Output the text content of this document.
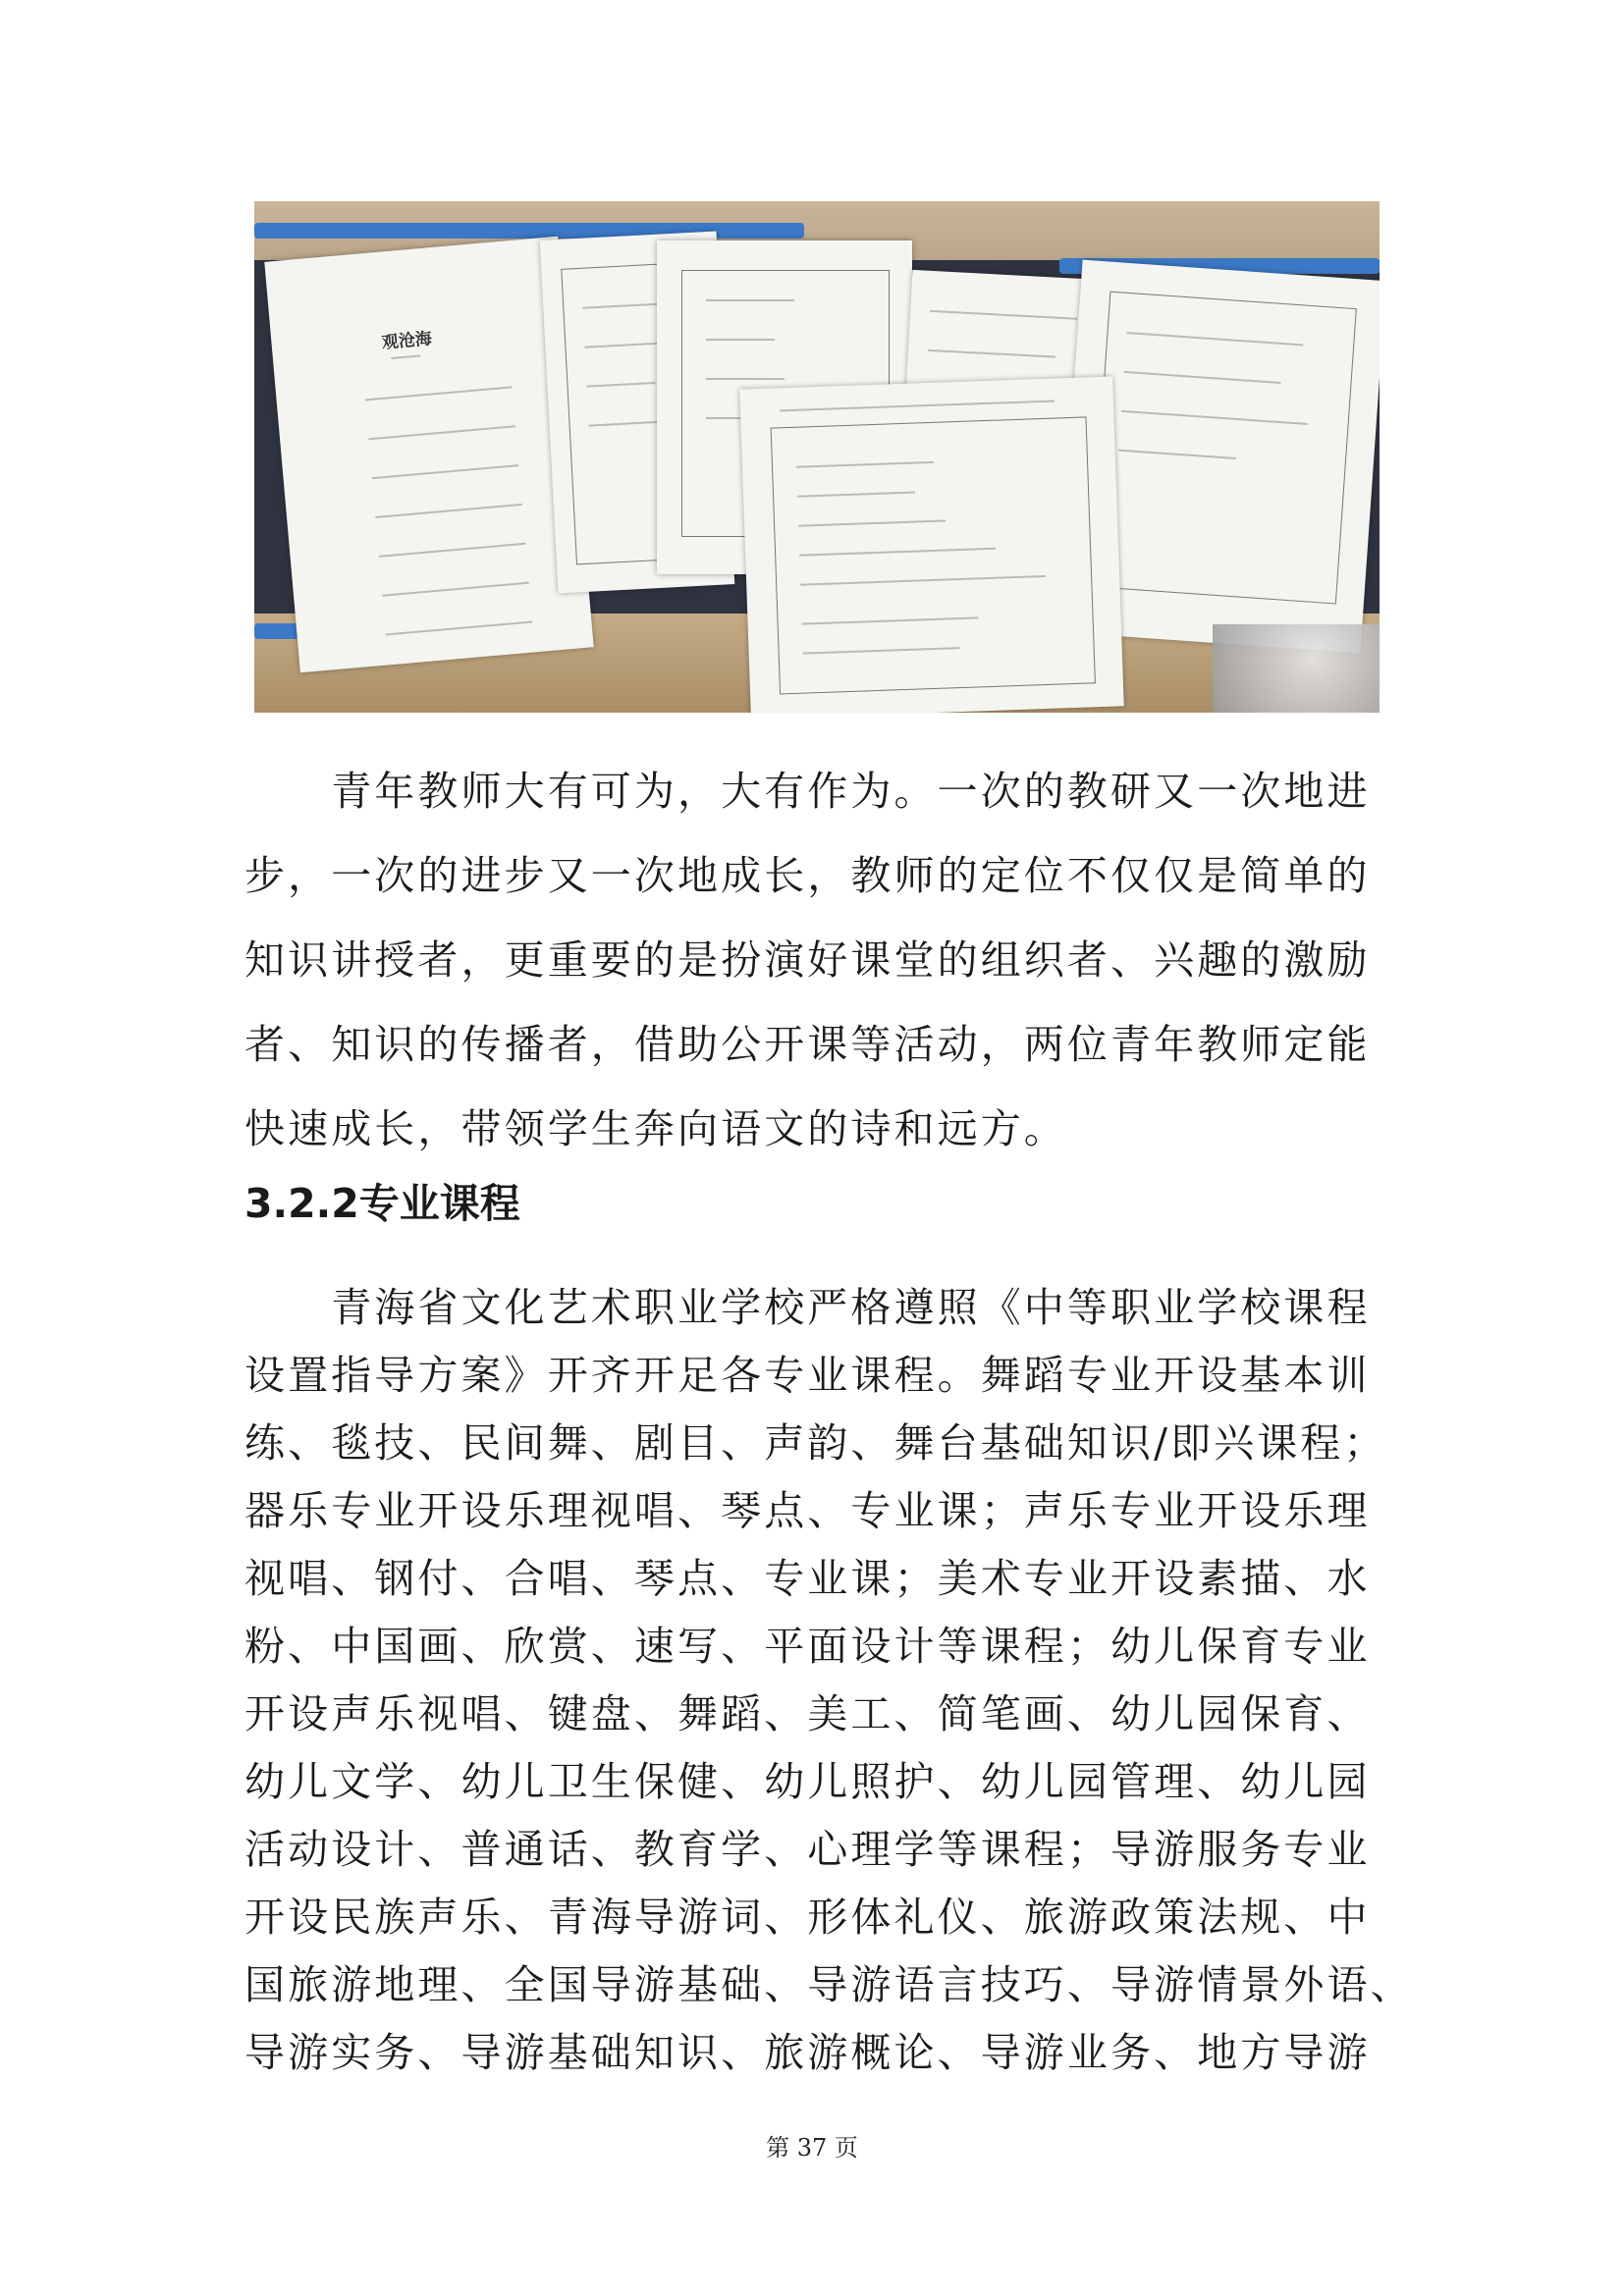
观沧海
　　青年教师大有可为，大有作为。一次的教研又一次地进
步，一次的进步又一次地成长，教师的定位不仅仅是简单的
知识讲授者，更重要的是扮演好课堂的组织者、兴趣的激励
者、知识的传播者，借助公开课等活动，两位青年教师定能
快速成长，带领学生奔向语文的诗和远方。
3.2.2专业课程
　　青海省文化艺术职业学校严格遵照《中等职业学校课程
设置指导方案》开齐开足各专业课程。舞蹈专业开设基本训
练、毯技、民间舞、剧目、声韵、舞台基础知识/即兴课程；
器乐专业开设乐理视唱、琴点、专业课；声乐专业开设乐理
视唱、钢付、合唱、琴点、专业课；美术专业开设素描、水
粉、中国画、欣赏、速写、平面设计等课程；幼儿保育专业
开设声乐视唱、键盘、舞蹈、美工、简笔画、幼儿园保育、
幼儿文学、幼儿卫生保健、幼儿照护、幼儿园管理、幼儿园
活动设计、普通话、教育学、心理学等课程；导游服务专业
开设民族声乐、青海导游词、形体礼仪、旅游政策法规、中
国旅游地理、全国导游基础、导游语言技巧、导游情景外语、
导游实务、导游基础知识、旅游概论、导游业务、地方导游
第 37 页
